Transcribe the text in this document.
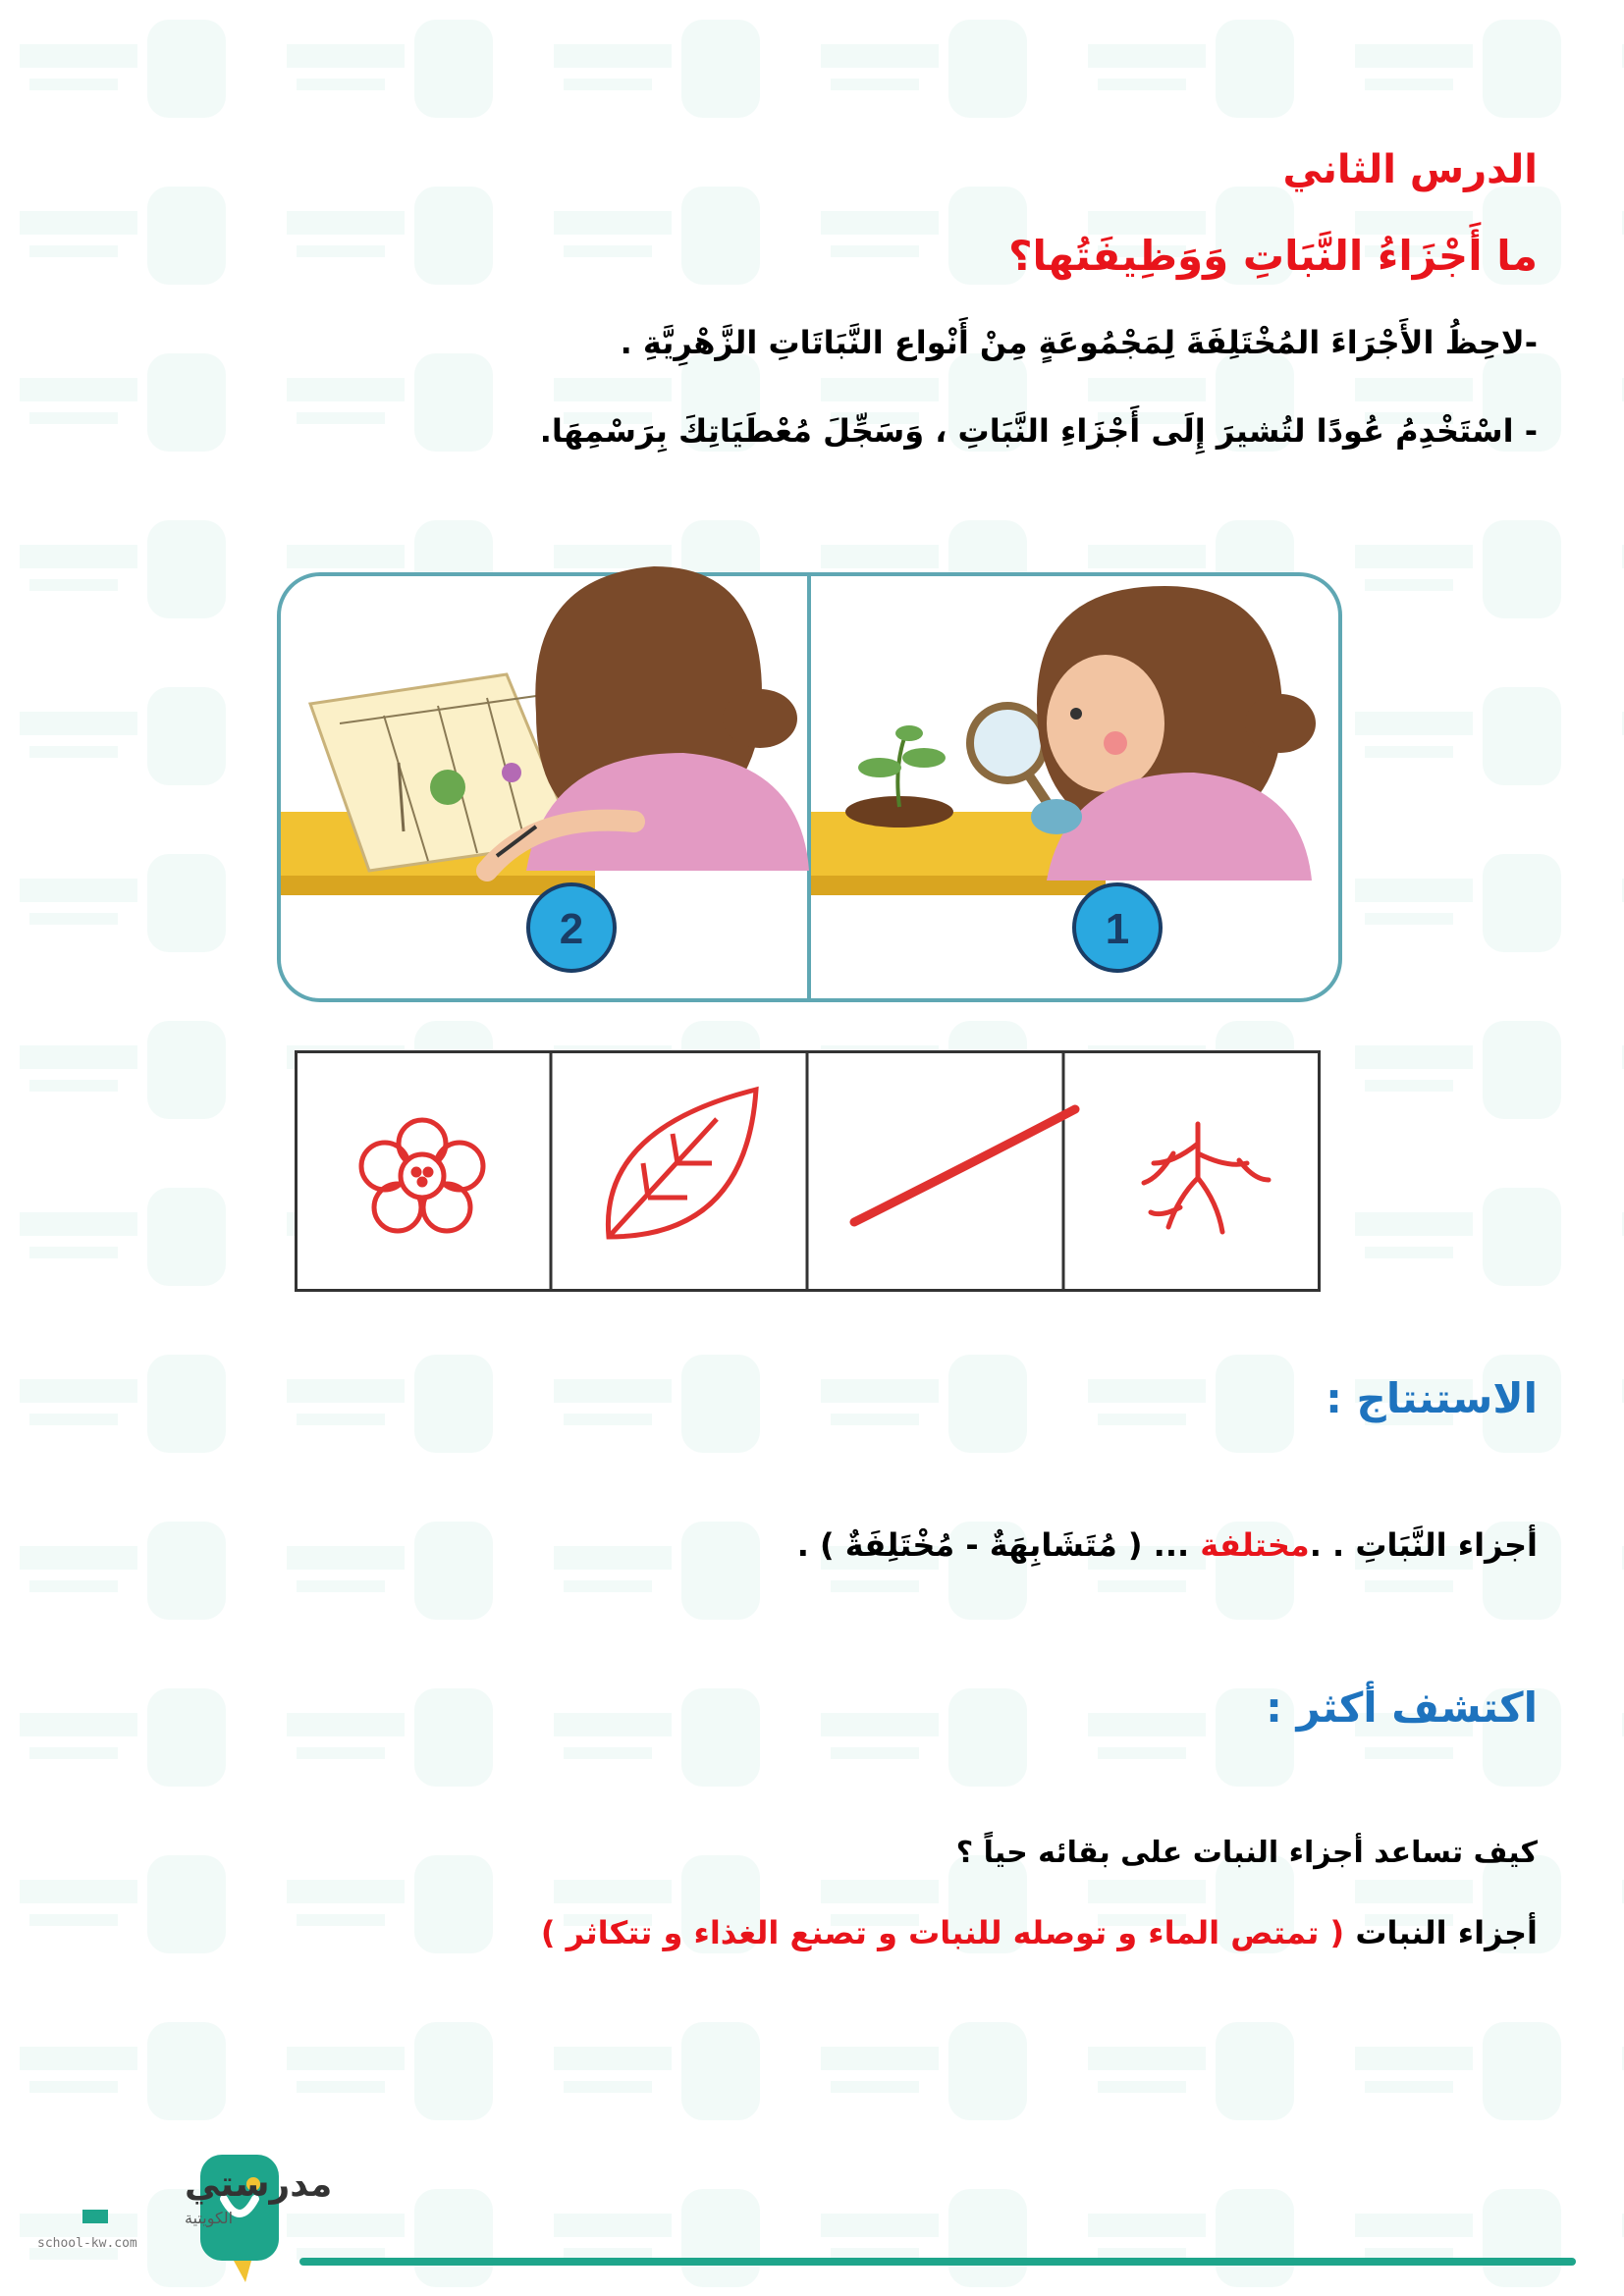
الدرس الثاني
ما أَجْزَاءُ النَّبَاتِ وَوَظِيفَتُها؟
-لاحِظُ الأَجْرَاءَ المُخْتَلِفَةَ لِمَجْمُوعَةٍ مِنْ أَنْواع النَّبَاتَاتِ الزَّهْرِيَّةِ .
- اسْتَخْدِمُ عُودًا لتُشيرَ إِلَى أَجْزَاءِ النَّبَاتِ ، وَسَجِّلَ مُعْطَيَاتِكَ بِرَسْمِهَا.
2	1
الاستنتاج :
أجزاء النَّبَاتِ . .مختلفة ... ( مُتَشَابِهَةٌ - مُخْتَلِفَةٌ ) .
اكتشف أكثر :
كيف تساعد أجزاء النبات على بقائه حياً ؟
أجزاء النبات ( تمتص الماء و توصله للنبات و تصنع الغذاء و تتكاثر )
مدرستي
الكويتية
school-kw.com
